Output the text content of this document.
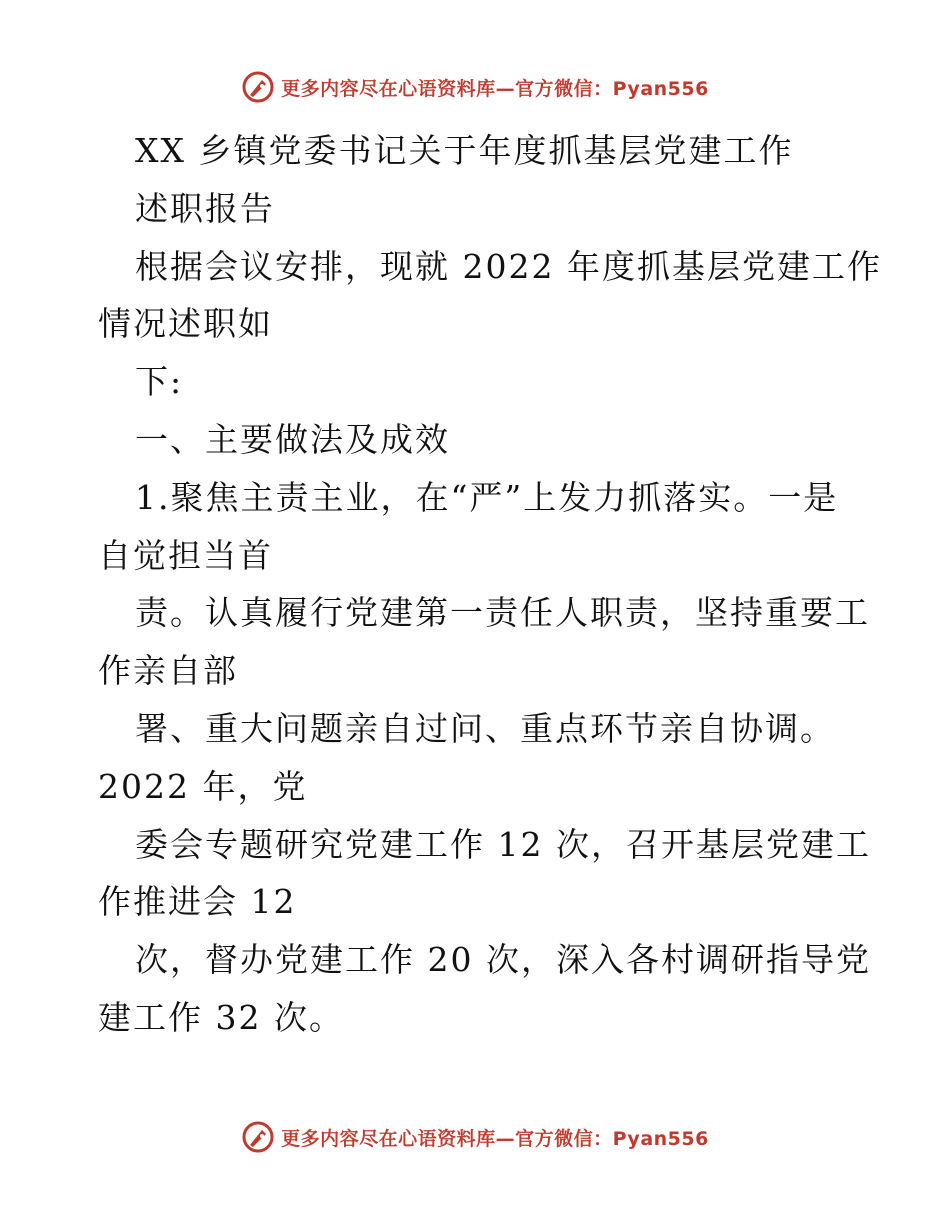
更多内容尽在心语资料库—官方微信：Pyan556
XX 乡镇党委书记关于年度抓基层党建工作
述职报告
根据会议安排，现就 2022 年度抓基层党建工作
情况述职如
下:
一、主要做法及成效
1.聚焦主责主业，在“严”上发力抓落实。一是
自觉担当首
责。认真履行党建第一责任人职责，坚持重要工
作亲自部
署、重大问题亲自过问、重点环节亲自协调。
2022 年，党
委会专题研究党建工作 12 次，召开基层党建工
作推进会 12
次，督办党建工作 20 次，深入各村调研指导党
建工作 32 次。
更多内容尽在心语资料库—官方微信：Pyan556
